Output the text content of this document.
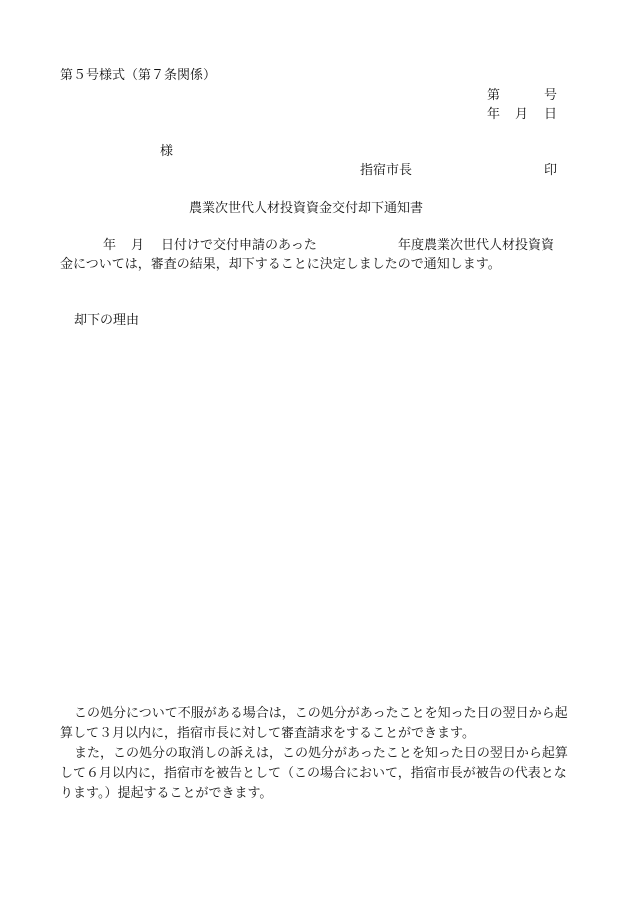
第５号様式（第７条関係）
第	号
年 月 日
様
指宿市長	印
農業次世代人材投資資金交付却下通知書
年 月 日付けで交付申請のあった	年度農業次世代人材投資資
金については，審査の結果，却下することに決定しましたので通知します。
却下の理由

この処分について不服がある場合は，この処分があったことを知った日の翌日から起算して３月以内に，指宿市長に対して審査請求をすることができます。

また，この処分の取消しの訴えは，この処分があったことを知った日の翌日から起算して６月以内に，指宿市を被告として（この場合において，指宿市長が被告の代表となります。）提起することができます。
